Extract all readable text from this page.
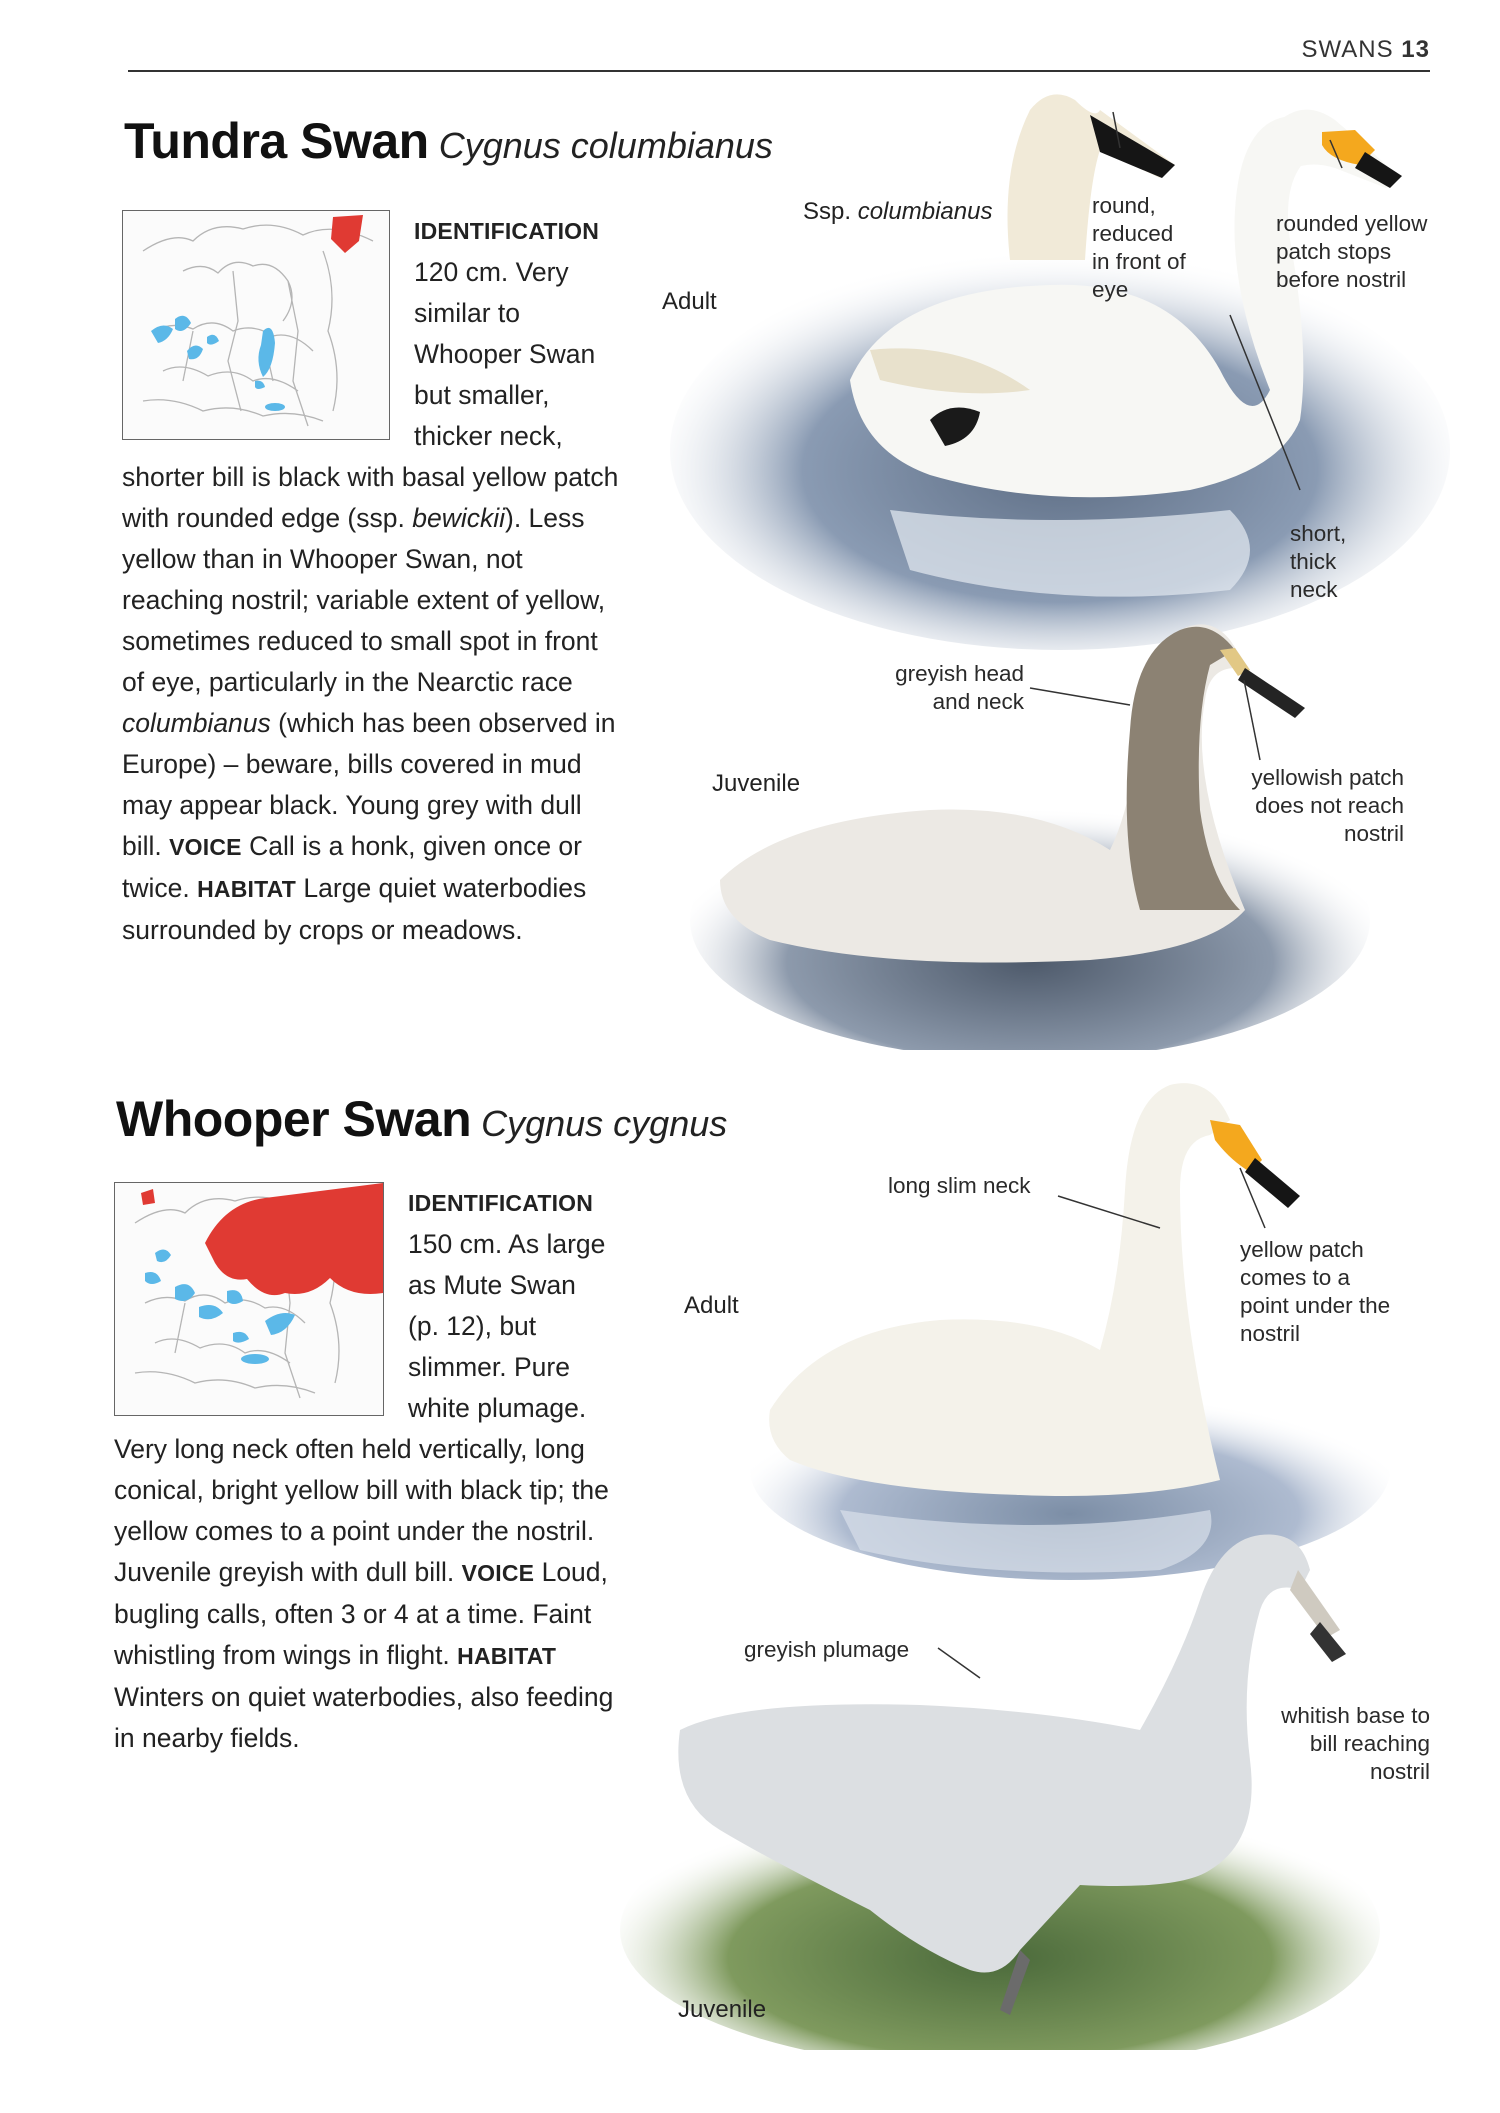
SWANS 13
Tundra Swan Cygnus columbianus
IDENTIFICATION
120 cm. Very similar to Whooper Swan but smaller, thicker neck, shorter bill is black with basal yellow patch with rounded edge (ssp. bewickii). Less yellow than in Whooper Swan, not reaching nostril; variable extent of yellow, sometimes reduced to small spot in front of eye, particularly in the Nearctic race columbianus (which has been observed in Europe) – beware, bills covered in mud may appear black. Young grey with dull bill. VOICE Call is a honk, given once or twice. HABITAT Large quiet waterbodies surrounded by crops or meadows.
Adult
Ssp. columbianus	round, reduced in front of eye
rounded yellow patch stops before nostril
short, thick neck
Juvenile
greyish head and neck
yellowish patch does not reach nostril
Whooper Swan Cygnus cygnus
IDENTIFICATION
150 cm. As large as Mute Swan (p. 12), but slimmer. Pure white plumage. Very long neck often held vertically, long conical, bright yellow bill with black tip; the yellow comes to a point under the nostril. Juvenile greyish with dull bill. VOICE Loud, bugling calls, often 3 or 4 at a time. Faint whistling from wings in flight. HABITAT Winters on quiet waterbodies, also feeding in nearby fields.
Adult
long slim neck
yellow patch comes to a point under the nostril
Juvenile
greyish plumage
whitish base to bill reaching nostril
